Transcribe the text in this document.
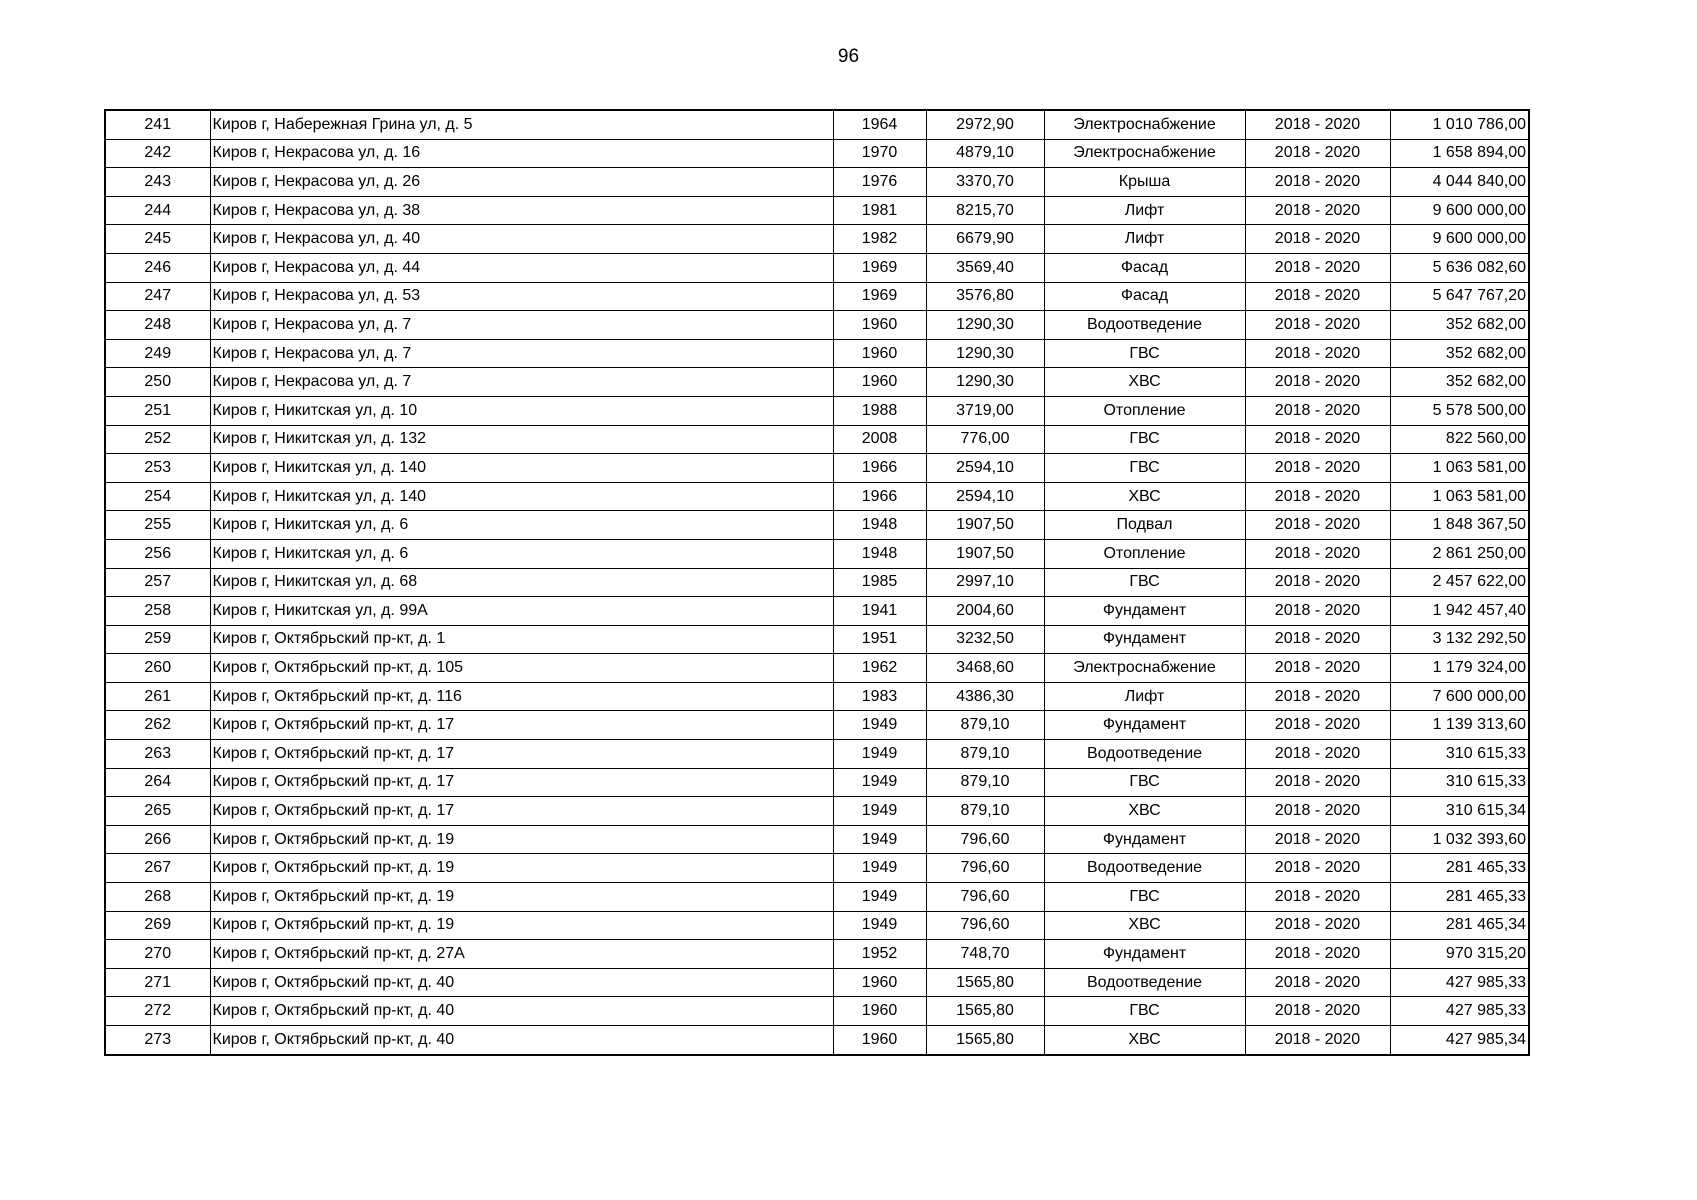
96
241	Киров г, Набережная Грина ул, д. 5	1964	2972,90	Электроснабжение	2018 - 2020	1 010 786,00
242	Киров г, Некрасова ул, д. 16	1970	4879,10	Электроснабжение	2018 - 2020	1 658 894,00
243	Киров г, Некрасова ул, д. 26	1976	3370,70	Крыша	2018 - 2020	4 044 840,00
244	Киров г, Некрасова ул, д. 38	1981	8215,70	Лифт	2018 - 2020	9 600 000,00
245	Киров г, Некрасова ул, д. 40	1982	6679,90	Лифт	2018 - 2020	9 600 000,00
246	Киров г, Некрасова ул, д. 44	1969	3569,40	Фасад	2018 - 2020	5 636 082,60
247	Киров г, Некрасова ул, д. 53	1969	3576,80	Фасад	2018 - 2020	5 647 767,20
248	Киров г, Некрасова ул, д. 7	1960	1290,30	Водоотведение	2018 - 2020	352 682,00
249	Киров г, Некрасова ул, д. 7	1960	1290,30	ГВС	2018 - 2020	352 682,00
250	Киров г, Некрасова ул, д. 7	1960	1290,30	ХВС	2018 - 2020	352 682,00
251	Киров г, Никитская ул, д. 10	1988	3719,00	Отопление	2018 - 2020	5 578 500,00
252	Киров г, Никитская ул, д. 132	2008	776,00	ГВС	2018 - 2020	822 560,00
253	Киров г, Никитская ул, д. 140	1966	2594,10	ГВС	2018 - 2020	1 063 581,00
254	Киров г, Никитская ул, д. 140	1966	2594,10	ХВС	2018 - 2020	1 063 581,00
255	Киров г, Никитская ул, д. 6	1948	1907,50	Подвал	2018 - 2020	1 848 367,50
256	Киров г, Никитская ул, д. 6	1948	1907,50	Отопление	2018 - 2020	2 861 250,00
257	Киров г, Никитская ул, д. 68	1985	2997,10	ГВС	2018 - 2020	2 457 622,00
258	Киров г, Никитская ул, д. 99А	1941	2004,60	Фундамент	2018 - 2020	1 942 457,40
259	Киров г, Октябрьский пр-кт, д. 1	1951	3232,50	Фундамент	2018 - 2020	3 132 292,50
260	Киров г, Октябрьский пр-кт, д. 105	1962	3468,60	Электроснабжение	2018 - 2020	1 179 324,00
261	Киров г, Октябрьский пр-кт, д. 116	1983	4386,30	Лифт	2018 - 2020	7 600 000,00
262	Киров г, Октябрьский пр-кт, д. 17	1949	879,10	Фундамент	2018 - 2020	1 139 313,60
263	Киров г, Октябрьский пр-кт, д. 17	1949	879,10	Водоотведение	2018 - 2020	310 615,33
264	Киров г, Октябрьский пр-кт, д. 17	1949	879,10	ГВС	2018 - 2020	310 615,33
265	Киров г, Октябрьский пр-кт, д. 17	1949	879,10	ХВС	2018 - 2020	310 615,34
266	Киров г, Октябрьский пр-кт, д. 19	1949	796,60	Фундамент	2018 - 2020	1 032 393,60
267	Киров г, Октябрьский пр-кт, д. 19	1949	796,60	Водоотведение	2018 - 2020	281 465,33
268	Киров г, Октябрьский пр-кт, д. 19	1949	796,60	ГВС	2018 - 2020	281 465,33
269	Киров г, Октябрьский пр-кт, д. 19	1949	796,60	ХВС	2018 - 2020	281 465,34
270	Киров г, Октябрьский пр-кт, д. 27А	1952	748,70	Фундамент	2018 - 2020	970 315,20
271	Киров г, Октябрьский пр-кт, д. 40	1960	1565,80	Водоотведение	2018 - 2020	427 985,33
272	Киров г, Октябрьский пр-кт, д. 40	1960	1565,80	ГВС	2018 - 2020	427 985,33
273	Киров г, Октябрьский пр-кт, д. 40	1960	1565,80	ХВС	2018 - 2020	427 985,34
